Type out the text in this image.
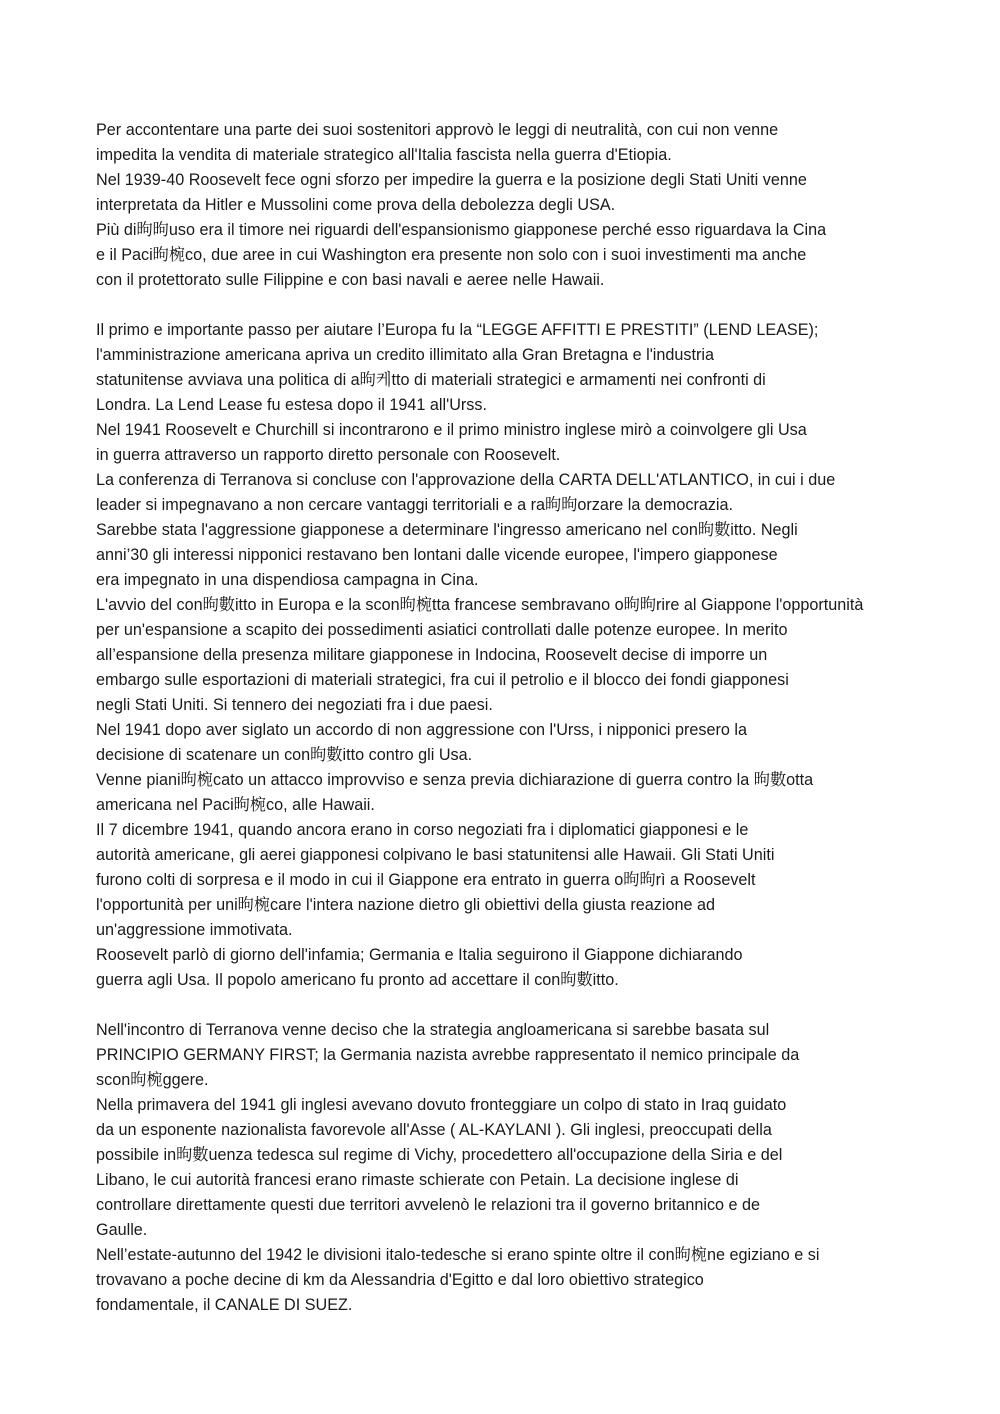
Per accontentare una parte dei suoi sostenitori approvò le leggi di neutralità, con cui non venne
impedita la vendita di materiale strategico all'Italia fascista nella guerra d'Etiopia.
Nel 1939-40 Roosevelt fece ogni sforzo per impedire la guerra e la posizione degli Stati Uniti venne
interpretata da Hitler e Mussolini come prova della debolezza degli USA.
Più di昫昫uso era il timore nei riguardi dell'espansionismo giapponese perché esso riguardava la Cina
e il Paci昫椀co, due aree in cui Washington era presente non solo con i suoi investimenti ma anche
con il protettorato sulle Filippine e con basi navali e aeree nelle Hawaii.
Il primo e importante passo per aiutare l’Europa fu la “LEGGE AFFITTI E PRESTITI” (LEND LEASE);
l'amministrazione americana apriva un credito illimitato alla Gran Bretagna e l'industria
statunitense avviava una politica di a昫케tto di materiali strategici e armamenti nei confronti di
Londra. La Lend Lease fu estesa dopo il 1941 all'Urss.
Nel 1941 Roosevelt e Churchill si incontrarono e il primo ministro inglese mirò a coinvolgere gli Usa
in guerra attraverso un rapporto diretto personale con Roosevelt.
La conferenza di Terranova si concluse con l'approvazione della CARTA DELL'ATLANTICO, in cui i due
leader si impegnavano a non cercare vantaggi territoriali e a ra昫昫orzare la democrazia.
Sarebbe stata l'aggressione giapponese a determinare l'ingresso americano nel con昫數itto. Negli
anni’30 gli interessi nipponici restavano ben lontani dalle vicende europee, l'impero giapponese
era impegnato in una dispendiosa campagna in Cina.
L'avvio del con昫數itto in Europa e la scon昫椀tta francese sembravano o昫昫rire al Giappone l'opportunità
per un'espansione a scapito dei possedimenti asiatici controllati dalle potenze europee. In merito
all’espansione della presenza militare giapponese in Indocina, Roosevelt decise di imporre un
embargo sulle esportazioni di materiali strategici, fra cui il petrolio e il blocco dei fondi giapponesi
negli Stati Uniti. Si tennero dei negoziati fra i due paesi.
Nel 1941 dopo aver siglato un accordo di non aggressione con l'Urss, i nipponici presero la
decisione di scatenare un con昫數itto contro gli Usa.
Venne piani昫椀cato un attacco improvviso e senza previa dichiarazione di guerra contro la 昫數otta
americana nel Paci昫椀co, alle Hawaii.
Il 7 dicembre 1941, quando ancora erano in corso negoziati fra i diplomatici giapponesi e le
autorità americane, gli aerei giapponesi colpivano le basi statunitensi alle Hawaii. Gli Stati Uniti
furono colti di sorpresa e il modo in cui il Giappone era entrato in guerra o昫昫rì a Roosevelt
l'opportunità per uni昫椀care l'intera nazione dietro gli obiettivi della giusta reazione ad
un'aggressione immotivata.
Roosevelt parlò di giorno dell'infamia; Germania e Italia seguirono il Giappone dichiarando
guerra agli Usa. Il popolo americano fu pronto ad accettare il con昫數itto.
Nell'incontro di Terranova venne deciso che la strategia angloamericana si sarebbe basata sul
PRINCIPIO GERMANY FIRST; la Germania nazista avrebbe rappresentato il nemico principale da
scon昫椀ggere.
Nella primavera del 1941 gli inglesi avevano dovuto fronteggiare un colpo di stato in Iraq guidato
da un esponente nazionalista favorevole all'Asse ( AL-KAYLANI ). Gli inglesi, preoccupati della
possibile in昫數uenza tedesca sul regime di Vichy, procedettero all'occupazione della Siria e del
Libano, le cui autorità francesi erano rimaste schierate con Petain. La decisione inglese di
controllare direttamente questi due territori avvelenò le relazioni tra il governo britannico e de
Gaulle.
Nell’estate-autunno del 1942 le divisioni italo-tedesche si erano spinte oltre il con昫椀ne egiziano e si
trovavano a poche decine di km da Alessandria d'Egitto e dal loro obiettivo strategico
fondamentale, il CANALE DI SUEZ.
